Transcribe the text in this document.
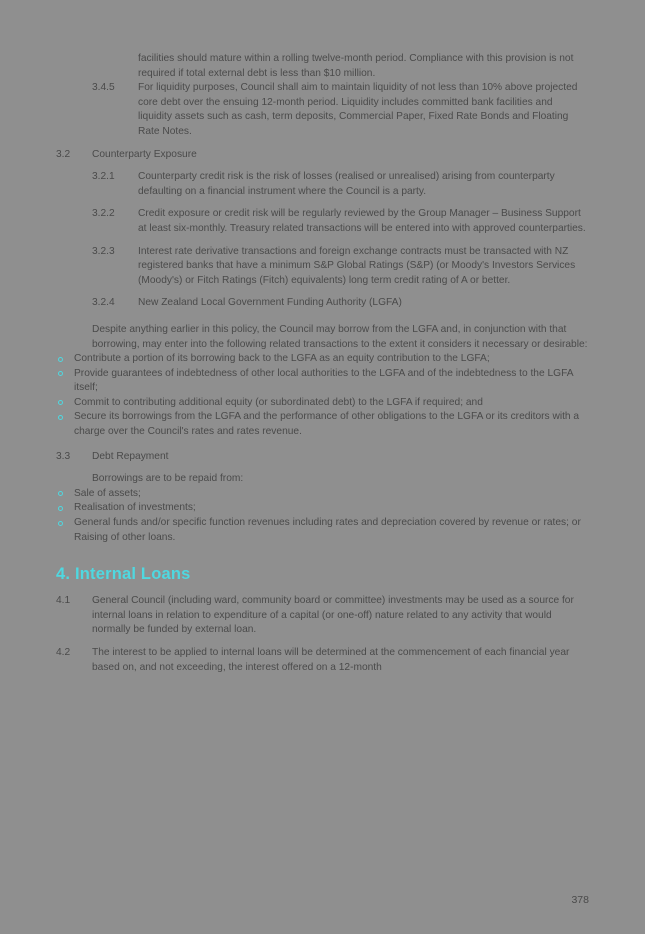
facilities should mature within a rolling twelve-month period. Compliance with this provision is not required if total external debt is less than $10 million.
3.4.5	For liquidity purposes, Council shall aim to maintain liquidity of not less than 10% above projected core debt over the ensuing 12-month period. Liquidity includes committed bank facilities and liquidity assets such as cash, term deposits, Commercial Paper, Fixed Rate Bonds and Floating Rate Notes.
3.2	Counterparty Exposure
3.2.1	Counterparty credit risk is the risk of losses (realised or unrealised) arising from counterparty defaulting on a financial instrument where the Council is a party.
3.2.2	Credit exposure or credit risk will be regularly reviewed by the Group Manager – Business Support at least six-monthly. Treasury related transactions will be entered into with approved counterparties.
3.2.3	Interest rate derivative transactions and foreign exchange contracts must be transacted with NZ registered banks that have a minimum S&P Global Ratings (S&P) (or Moody's Investors Services (Moody's) or Fitch Ratings (Fitch) equivalents) long term credit rating of A or better.
3.2.4	New Zealand Local Government Funding Authority (LGFA)
Despite anything earlier in this policy, the Council may borrow from the LGFA and, in conjunction with that borrowing, may enter into the following related transactions to the extent it considers it necessary or desirable:
Contribute a portion of its borrowing back to the LGFA as an equity contribution to the LGFA;
Provide guarantees of indebtedness of other local authorities to the LGFA and of the indebtedness to the LGFA itself;
Commit to contributing additional equity (or subordinated debt) to the LGFA if required; and
Secure its borrowings from the LGFA and the performance of other obligations to the LGFA or its creditors with a charge over the Council's rates and rates revenue.
3.3	Debt Repayment
Borrowings are to be repaid from:
Sale of assets;
Realisation of investments;
General funds and/or specific function revenues including rates and depreciation covered by revenue or rates; or Raising of other loans.
4. Internal Loans
4.1	General Council (including ward, community board or committee) investments may be used as a source for internal loans in relation to expenditure of a capital (or one-off) nature related to any activity that would normally be funded by external loan.
4.2	The interest to be applied to internal loans will be determined at the commencement of each financial year based on, and not exceeding, the interest offered on a 12-month
378
